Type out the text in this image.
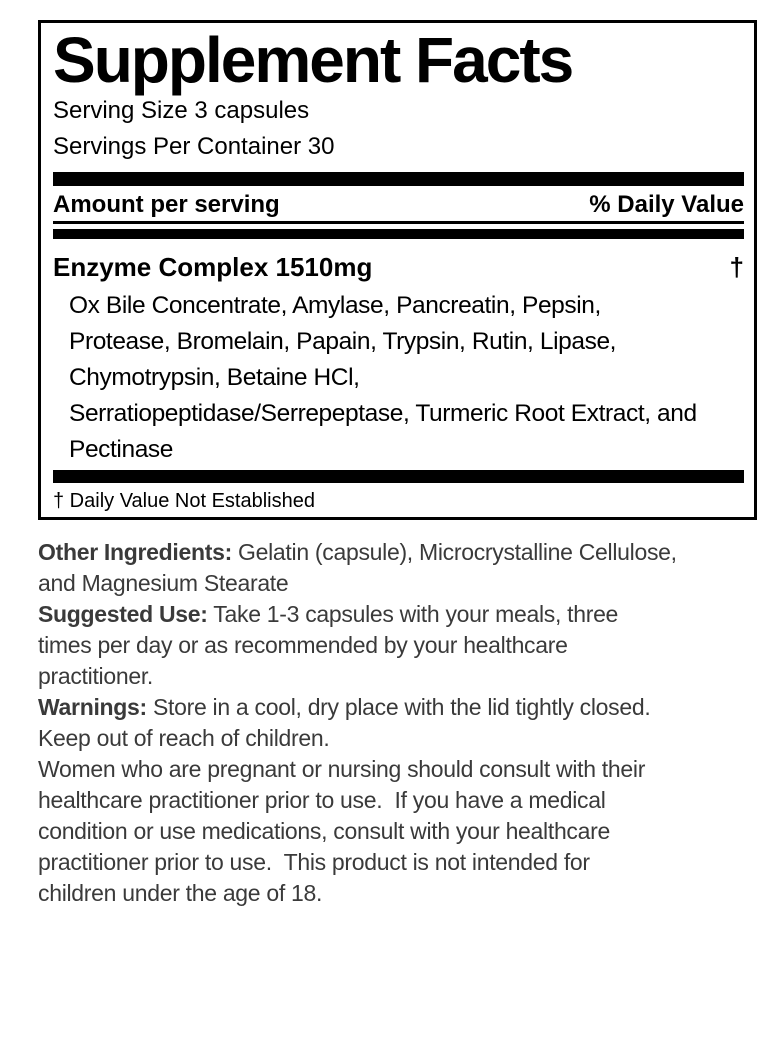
Supplement Facts
Serving Size 3 capsules
Servings Per Container 30
Amount per serving	% Daily Value
Enzyme Complex 1510mg	†
Ox Bile Concentrate, Amylase, Pancreatin, Pepsin,
Protease, Bromelain, Papain, Trypsin, Rutin, Lipase,
Chymotrypsin, Betaine HCl,
Serratiopeptidase/Serrepeptase, Turmeric Root Extract, and
Pectinase
† Daily Value Not Established

Other Ingredients: Gelatin (capsule), Microcrystalline Cellulose,
and Magnesium Stearate

Suggested Use: Take 1-3 capsules with your meals, three
times per day or as recommended by your healthcare
practitioner.

Warnings: Store in a cool, dry place with the lid tightly closed.

Keep out of reach of children.

Women who are pregnant or nursing should consult with their
healthcare practitioner prior to use.  If you have a medical
condition or use medications, consult with your healthcare
practitioner prior to use.  This product is not intended for
children under the age of 18.
